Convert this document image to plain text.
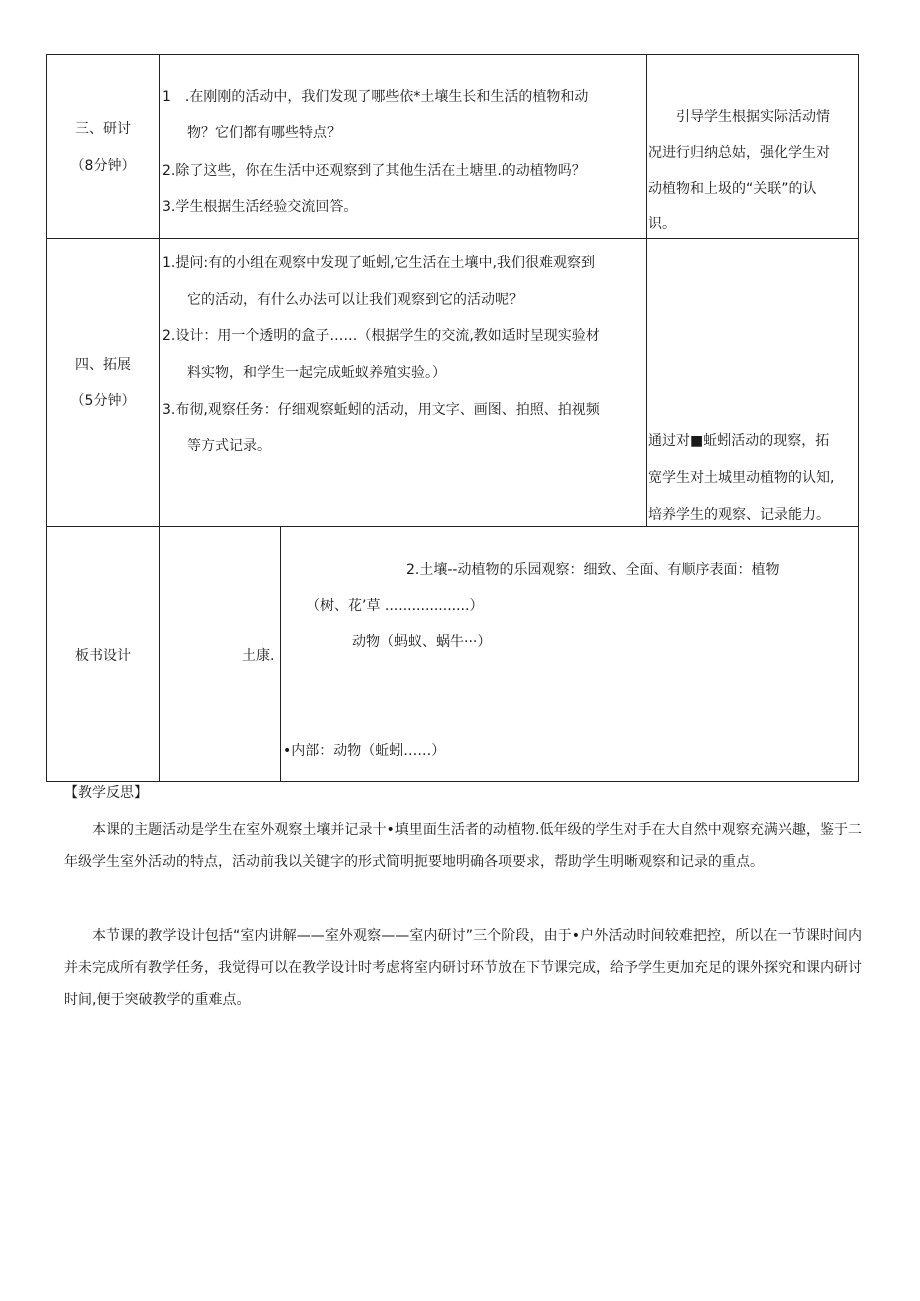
三、研讨
（8分钟）
1　.在刚刚的活动中，我们发现了哪些依*土壤生长和生活的植物和动
物？它们都有哪些特点？
2.除了这些，你在生活中还观察到了其他生活在土塘里.的动植物吗？
3.学生根据生活经验交流回答。
引导学生根据实际活动情
况进行归纳总姑，强化学生对
动植物和上圾的“关联”的认
识。
四、拓展
（5分钟）
1.提问:有的小组在观察中发现了蚯蚓,它生活在土壤中,我们很难观察到
它的活动，有什么办法可以让我们观察到它的活动呢？
2.设计：用一个透明的盒子……（根据学生的交流,教如适时呈现实验材
料实物，和学生一起完成蚯蚁养殖实验。）
3.布彻,观察任务：仔细观察蚯蚓的活动，用文字、画图、拍照、拍视频
等方式记录。	通过对■蚯蚓活动的现察，拓
宽学生对土城里动植物的认知,
培养学生的观察、记录能力。
板书设计	土康.
2.土壤--动植物的乐园观察：细致、全面、有顺序表面：植物
（树、花’草 ...................）
动物（蚂蚁、蜗牛···）
•内部：动物（蚯蚓……）
【教学反思】
本课的主题活动是学生在室外观察土壤并记录十•填里面生活者的动植物.低年级的学生对手在大自然中观察充满兴趣，鉴于二年级学生室外活动的特点，活动前我以关键字的形式简明扼要地明确各项要求，帮助学生明晰观察和记录的重点。
本节课的教学设计包括“室内讲解——室外观察——室内研讨”三个阶段，由于•户外活动时间较难把控，所以在一节课时间内并未完成所有教学任务，我觉得可以在教学设计时考虑将室内研讨环节放在下节课完成，给予学生更加充足的课外探究和课内研讨时间,便于突破教学的重难点。
